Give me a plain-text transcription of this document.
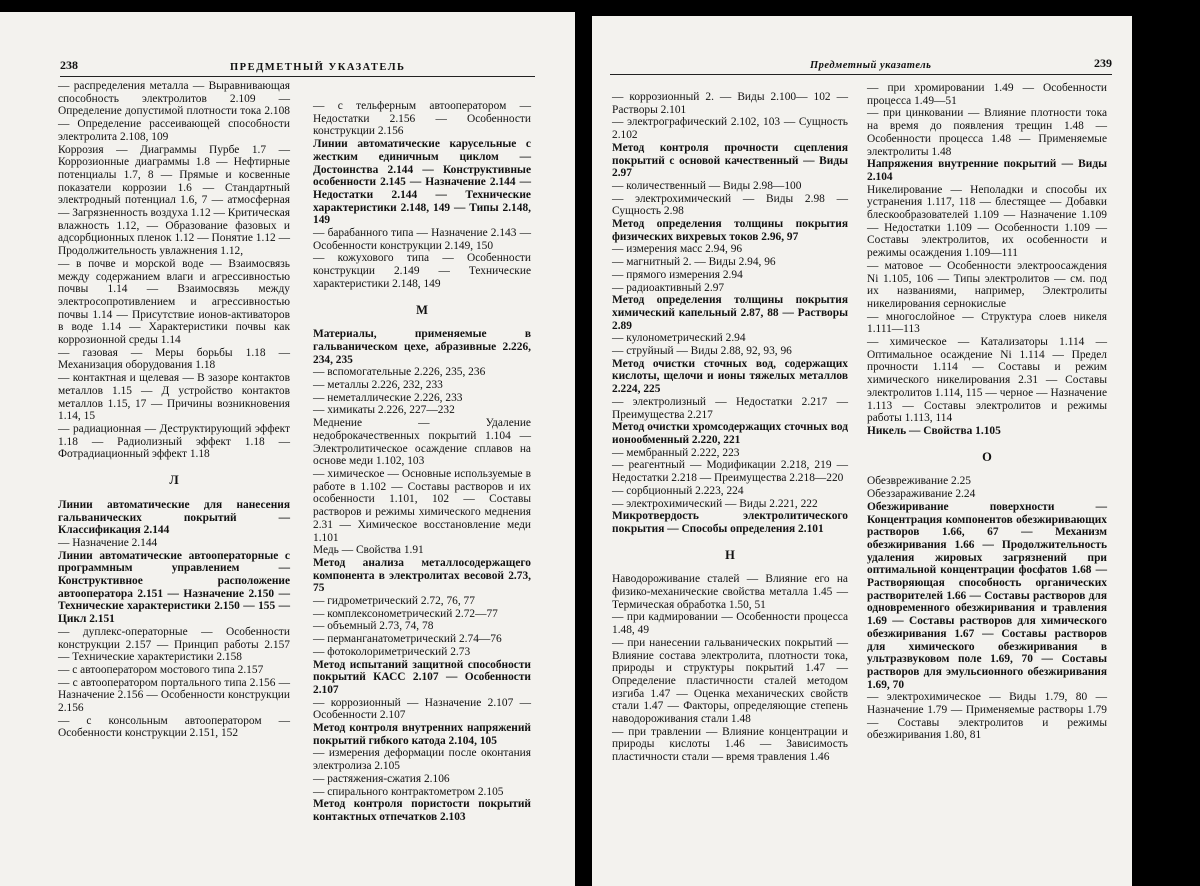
238	ПРЕДМЕТНЫЙ УКАЗАТЕЛЬ

— распределения металла — Выравнивающая способность электролитов 2.109 — Определение допустимой плотности тока 2.108 — Определение рассеивающей способности электролита 2.108, 109

Коррозия — Диаграммы Пурбе 1.7 — Коррозионные диаграммы 1.8 — Нефтирные потенциалы 1.7, 8 — Прямые и косвенные показатели коррозии 1.6 — Стандартный электродный потенциал 1.6, 7 — атмосферная — Загрязненность воздуха 1.12 — Критическая влажность 1.12, — Образование фазовых и адсорбционных пленок 1.12 — Понятие 1.12 — Продолжительность увлажнения 1.12,

— в почве и морской воде — Взаимосвязь между содержанием влаги и агрессивностью почвы 1.14 — Взаимосвязь между электросопротивлением и агрессивностью почвы 1.14 — Присутствие ионов-активаторов в воде 1.14 — Характеристики почвы как коррозионной среды 1.14

— газовая — Меры борьбы 1.18 — Механизация оборудования 1.18

— контактная и щелевая — В зазоре контактов металлов 1.15 — Д устройство контактов металлов 1.15, 17 — Причины возникновения 1.14, 15

— радиационная — Деструктирующий эффект 1.18 — Радиолизный эффект 1.18 — Фотрадиационный эффект 1.18

Л

Линии автоматические для нанесения гальванических покрытий — Классификация 2.144

— Назначение 2.144

Линии автоматические автооператорные с программным управлением — Конструктивное расположение автооператора 2.151 — Назначение 2.150 — Технические характеристики 2.150 — 155 — Цикл 2.151

— дуплекс-операторные — Особенности конструкции 2.157 — Принцип работы 2.157 — Технические характеристики 2.158

— с автооператором мостового типа 2.157

— с автооператором портального типа 2.156 — Назначение 2.156 — Особенности конструкции 2.156

— с консольным автооператором — Особенности конструкции 2.151, 152

— с тельферным автооператором — Недостатки 2.156 — Особенности конструкции 2.156

Линии автоматические карусельные с жестким единичным циклом — Достоинства 2.144 — Конструктивные особенности 2.145 — Назначение 2.144 — Недостатки 2.144 — Технические характеристики 2.148, 149 — Типы 2.148, 149

— барабанного типа — Назначение 2.143 — Особенности конструкции 2.149, 150

— кожухового типа — Особенности конструкции 2.149 — Технические характеристики 2.148, 149

М

Материалы, применяемые в гальваническом цехе, абразивные 2.226, 234, 235

— вспомогательные 2.226, 235, 236

— металлы 2.226, 232, 233

— неметаллические 2.226, 233

— химикаты 2.226, 227—232

Меднение — Удаление недоброкачественных покрытий 1.104 — Электролитическое осаждение сплавов на основе меди 1.102, 103

— химическое — Основные используемые в работе в 1.102 — Составы растворов и их особенности 1.101, 102 — Составы растворов и режимы химического меднения 2.31 — Химическое восстановление меди 1.101

Медь — Свойства 1.91

Метод анализа металлосодержащего компонента в электролитах весовой 2.73, 75

— гидрометрический 2.72, 76, 77

— комплексонометрический 2.72—77

— объемный 2.73, 74, 78

— перманганатометрический 2.74—76

— фотоколориметрический 2.73

Метод испытаний защитной способности покрытий КАСС 2.107 — Особенности 2.107

— коррозионный — Назначение 2.107 — Особенности 2.107

Метод контроля внутренних напряжений покрытий гибкого катода 2.104, 105

— измерения деформации после оконтания электролиза 2.105

— растяжения-сжатия 2.106

— спирального контрактометром 2.105

Метод контроля пористости покрытий контактных отпечатков 2.103

Предметный указатель	239

— коррозионный 2. — Виды 2.100— 102 — Растворы 2.101

— электрографический 2.102, 103 — Сущность 2.102

Метод контроля прочности сцепления покрытий с основой качественный — Виды 2.97

— количественный — Виды 2.98—100

— электрохимический — Виды 2.98 — Сущность 2.98

Метод определения толщины покрытия физических вихревых токов 2.96, 97

— измерения масс 2.94, 96

— магнитный 2. — Виды 2.94, 96

— прямого измерения 2.94

— радиоактивный 2.97

Метод определения толщины покрытия химический капельный 2.87, 88 — Растворы 2.89

— кулонометрический 2.94

— струйный — Виды 2.88, 92, 93, 96

Метод очистки сточных вод, содержащих кислоты, щелочи и ионы тяжелых металлов 2.224, 225

— электролизный — Недостатки 2.217 — Преимущества 2.217

Метод очистки хромсодержащих сточных вод ионообменный 2.220, 221

— мембранный 2.222, 223

— реагентный — Модификации 2.218, 219 — Недостатки 2.218 — Преимущества 2.218—220

— сорбционный 2.223, 224

— электрохимический — Виды 2.221, 222

Микротвердость электролитического покрытия — Способы определения 2.101

Н

Наводороживание сталей — Влияние его на физико-механические свойства металла 1.45 — Термическая обработка 1.50, 51

— при кадмировании — Особенности процесса 1.48, 49

— при нанесении гальванических покрытий — Влияние состава электролита, плотности тока, природы и структуры покрытий 1.47 — Определение пластичности сталей методом изгиба 1.47 — Оценка механических свойств стали 1.47 — Факторы, определяющие степень наводороживания стали 1.48

— при травлении — Влияние концентрации и природы кислоты 1.46 — Зависимость пластичности стали — время травления 1.46

— при хромировании 1.49 — Особенности процесса 1.49—51

— при цинковании — Влияние плотности тока на время до появления трещин 1.48 — Особенности процесса 1.48 — Применяемые электролиты 1.48

Напряжения внутренние покрытий — Виды 2.104

Никелирование — Неполадки и способы их устранения 1.117, 118 — блестящее — Добавки блескообразователей 1.109 — Назначение 1.109 — Недостатки 1.109 — Особенности 1.109 — Составы электролитов, их особенности и режимы осаждения 1.109—111

— матовое — Особенности электроосаждения Ni 1.105, 106 — Типы электролитов — см. под их названиями, например, Электролиты никелирования сернокислые

— многослойное — Структура слоев никеля 1.111—113

— химическое — Катализаторы 1.114 — Оптимальное осаждение Ni 1.114 — Предел прочности 1.114 — Составы и режим химического никелирования 2.31 — Составы электролитов 1.114, 115 — черное — Назначение 1.113 — Составы электролитов и режимы работы 1.113, 114

Никель — Свойства 1.105

О

Обезвреживание 2.25

Обеззараживание 2.24

Обезжиривание поверхности — Концентрация компонентов обезжиривающих растворов 1.66, 67 — Механизм обезжиривания 1.66 — Продолжительность удаления жировых загрязнений при оптимальной концентрации фосфатов 1.68 — Растворяющая способность органических растворителей 1.66 — Составы растворов для одновременного обезжиривания и травления 1.69 — Составы растворов для химического обезжиривания 1.67 — Составы растворов для химического обезжиривания в ультразвуковом поле 1.69, 70 — Составы растворов для эмульсионного обезжиривания 1.69, 70

— электрохимическое — Виды 1.79, 80 — Назначение 1.79 — Применяемые растворы 1.79 — Составы электролитов и режимы обезжиривания 1.80, 81
